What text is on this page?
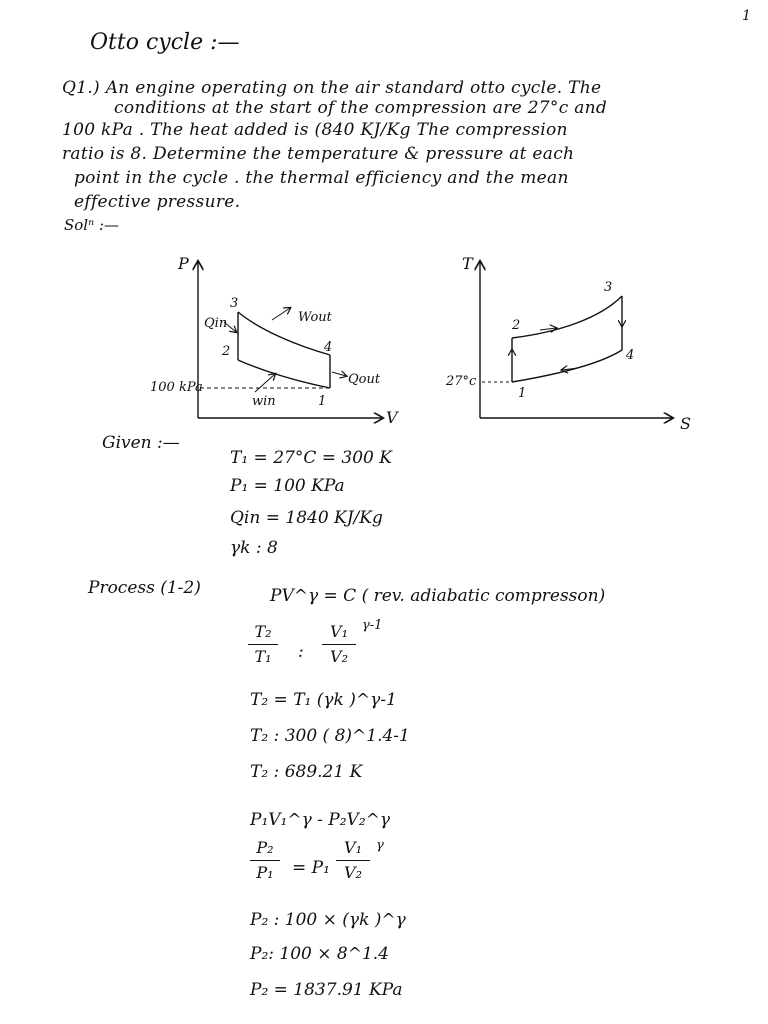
1
Otto cycle :—
Q1.) An engine operating on the air standard otto cycle. The
conditions at the start of the compression are 27°c and
100 kPa . The heat added is (840 KJ/Kg The compression
ratio is 8. Determine the temperature & pressure at each
point in the cycle . the thermal efficiency and the mean
effective pressure.
Solⁿ :—
P
V
100 kPa
Qin	Wout
Qout
win
3
2	4
1
T
S
27°c
2
3
4
1
Given :—
T₁ = 27°C = 300 K
P₁ = 100 KPa
Qin = 1840 KJ/Kg
γk : 8
Process (1-2)	PV^γ = C ( rev. adiabatic compresson)
T₂
T₁	:
V₁
V₂
γ-1
T₂ = T₁ (γk )^γ-1
T₂ : 300 ( 8)^1.4-1
T₂ : 689.21 K
P₁V₁^γ - P₂V₂^γ
P₂
P₁	= P₁
V₁
V₂
γ
P₂ : 100 × (γk )^γ
P₂: 100 × 8^1.4
P₂ = 1837.91 KPa
